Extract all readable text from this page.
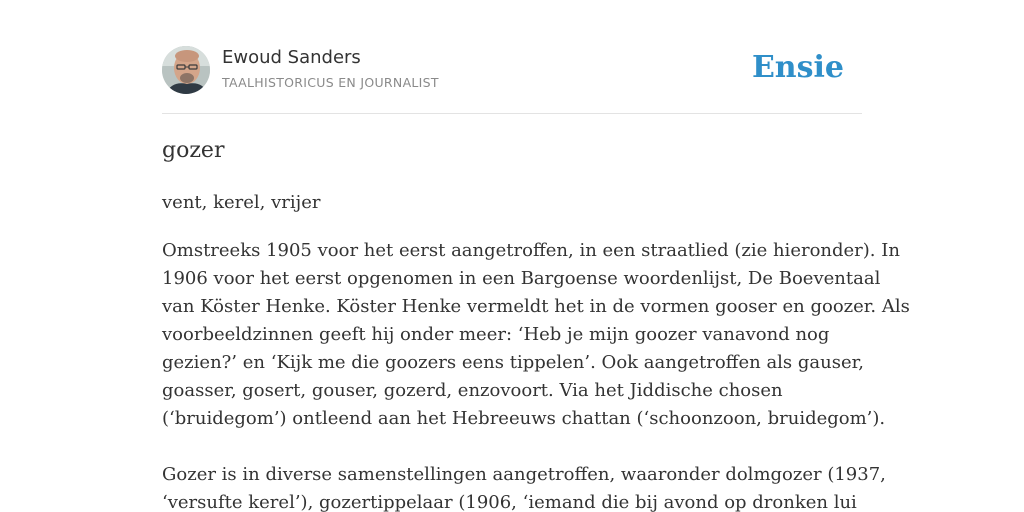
Ewoud Sanders
TAALHISTORICUS EN JOURNALIST	Ensie
gozer
vent, kerel, vrijer

Omstreeks 1905 voor het eerst aangetroffen, in een straatlied (zie hieronder). In
1906 voor het eerst opgenomen in een Bargoense woordenlijst, De Boeventaal
van Köster Henke. Köster Henke vermeldt het in de vormen gooser en goozer. Als
voorbeeldzinnen geeft hij onder meer: ‘Heb je mijn goozer vanavond nog
gezien?’ en ‘Kijk me die goozers eens tippelen’. Ook aangetroffen als gauser,
goasser, gosert, gouser, gozerd, enzovoort. Via het Jiddische chosen
(‘bruidegom’) ontleend aan het Hebreeuws chattan (‘schoonzoon, bruidegom’).

Gozer is in diverse samenstellingen aangetroffen, waaronder dolmgozer (1937,
‘versufte kerel’), gozertippelaar (1906, ‘iemand die bij avond op dronken lui
